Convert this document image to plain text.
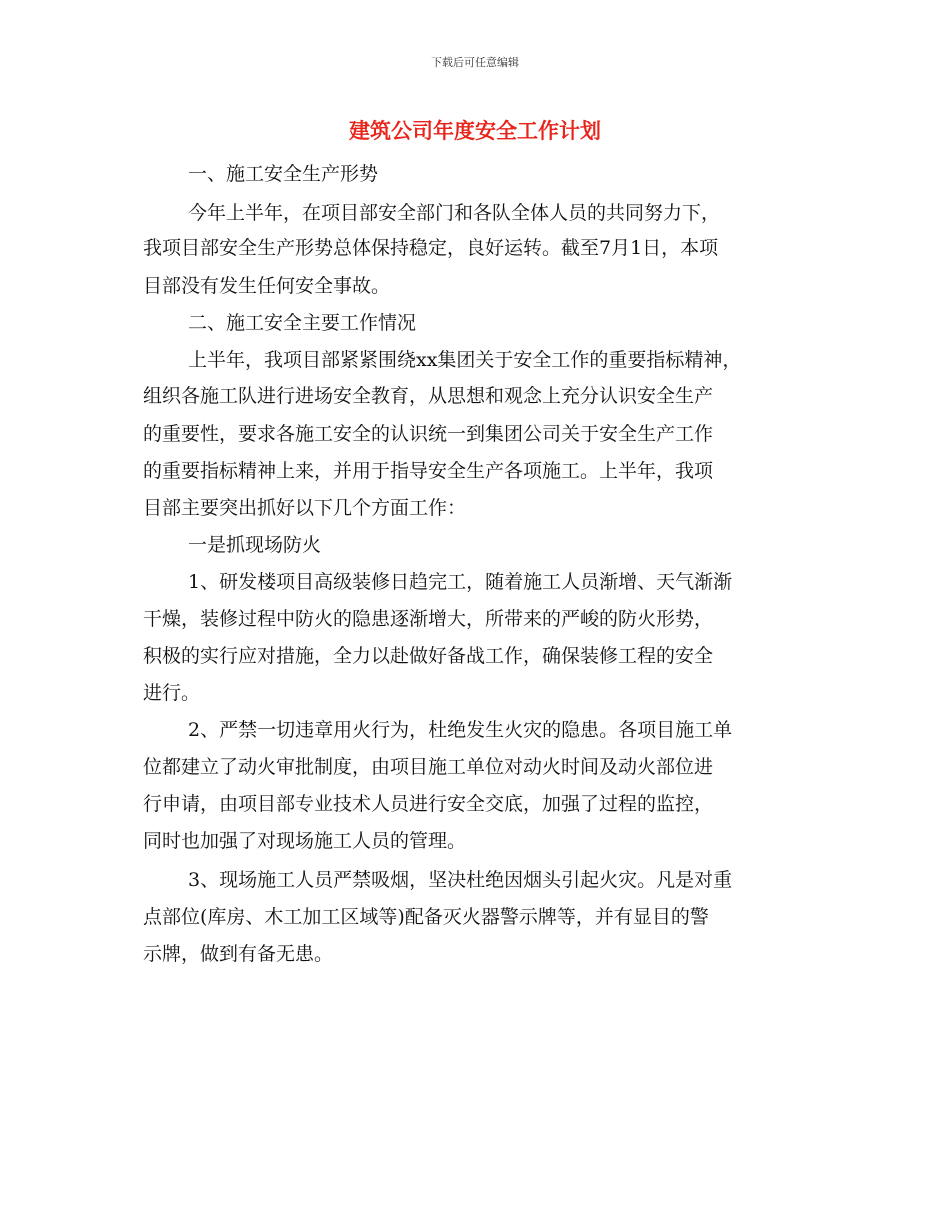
下载后可任意编辑
建筑公司年度安全工作计划
一、施工安全生产形势
今年上半年，在项目部安全部门和各队全体人员的共同努力下，
我项目部安全生产形势总体保持稳定，良好运转。截至7月1日，本项
目部没有发生任何安全事故。
二、施工安全主要工作情况
上半年，我项目部紧紧围绕xx集团关于安全工作的重要指标精神，
组织各施工队进行进场安全教育，从思想和观念上充分认识安全生产
的重要性，要求各施工安全的认识统一到集团公司关于安全生产工作
的重要指标精神上来，并用于指导安全生产各项施工。上半年，我项
目部主要突出抓好以下几个方面工作：
一是抓现场防火
1、研发楼项目高级装修日趋完工，随着施工人员渐增、天气渐渐
干燥，装修过程中防火的隐患逐渐增大，所带来的严峻的防火形势，
积极的实行应对措施，全力以赴做好备战工作，确保装修工程的安全
进行。
2、严禁一切违章用火行为，杜绝发生火灾的隐患。各项目施工单
位都建立了动火审批制度，由项目施工单位对动火时间及动火部位进
行申请，由项目部专业技术人员进行安全交底，加强了过程的监控，
同时也加强了对现场施工人员的管理。
3、现场施工人员严禁吸烟，坚决杜绝因烟头引起火灾。凡是对重
点部位(库房、木工加工区域等)配备灭火器警示牌等，并有显目的警
示牌，做到有备无患。
